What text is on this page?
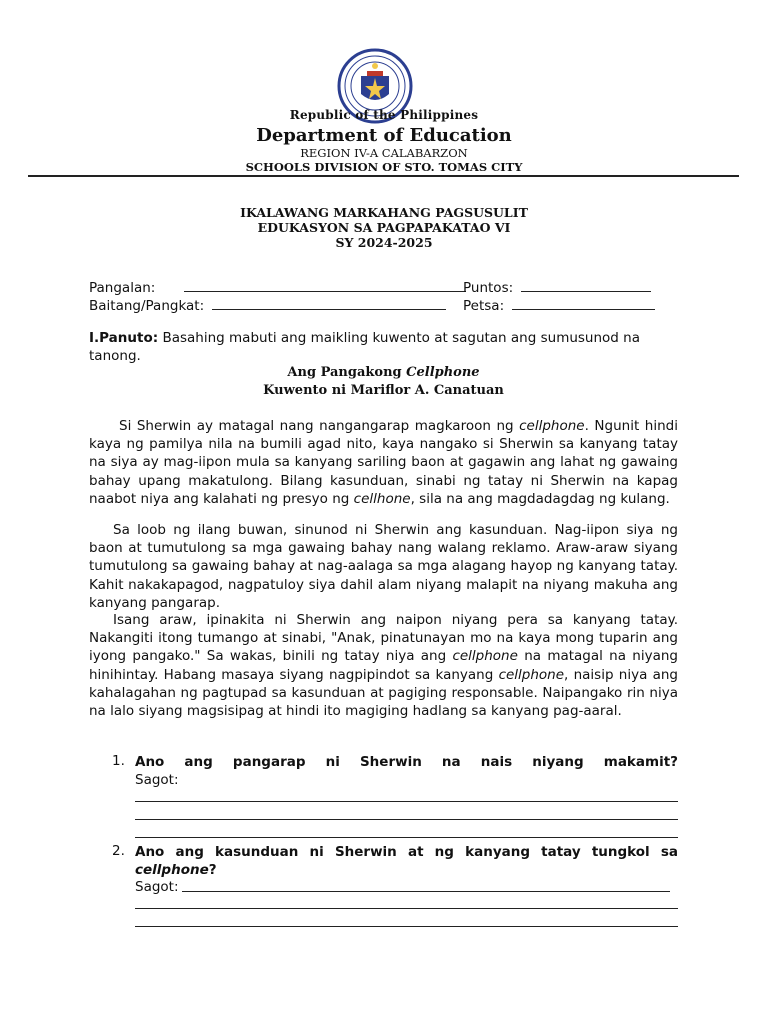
Republic of the Philippines
Department of Education
REGION IV-A CALABARZON
SCHOOLS DIVISION OF STO. TOMAS CITY
IKALAWANG MARKAHANG PAGSUSULIT
EDUKASYON SA PAGPAPAKATAO VI
SY 2024-2025
Pangalan:	Puntos:
Baitang/Pangkat:	Petsa:
I.Panuto: Basahing mabuti ang maikling kuwento at sagutan ang sumusunod na tanong.
Ang Pangakong Cellphone
Kuwento ni Mariflor A. Canatuan
Si Sherwin ay matagal nang nangangarap magkaroon ng cellphone. Ngunit hindi kaya ng pamilya nila na bumili agad nito, kaya nangako si Sherwin sa kanyang tatay na siya ay mag-iipon mula sa kanyang sariling baon at gagawin ang lahat ng gawaing bahay upang makatulong. Bilang kasunduan, sinabi ng tatay ni Sherwin na kapag naabot niya ang kalahati ng presyo ng cellhone, sila na ang magdadagdag ng kulang.
Sa loob ng ilang buwan, sinunod ni Sherwin ang kasunduan. Nag-iipon siya ng baon at tumutulong sa mga gawaing bahay nang walang reklamo. Araw-araw siyang tumutulong sa gawaing bahay at nag-aalaga sa mga alagang hayop ng kanyang tatay. Kahit nakakapagod, nagpatuloy siya dahil alam niyang malapit na niyang makuha ang kanyang pangarap.
Isang araw, ipinakita ni Sherwin ang naipon niyang pera sa kanyang tatay. Nakangiti itong tumango at sinabi, "Anak, pinatunayan mo na kaya mong tuparin ang iyong pangako." Sa wakas, binili ng tatay niya ang cellphone na matagal na niyang hinihintay. Habang masaya siyang nagpipindot sa kanyang cellphone, naisip niya ang kahalagahan ng pagtupad sa kasunduan at pagiging responsable. Naipangako rin niya na lalo siyang magsisipag at hindi ito magiging hadlang sa kanyang pag-aaral.
1. Ano ang pangarap ni Sherwin na nais niyang makamit?
Sagot:
2. Ano ang kasunduan ni Sherwin at ng kanyang tatay tungkol sa cellphone?
Sagot:
